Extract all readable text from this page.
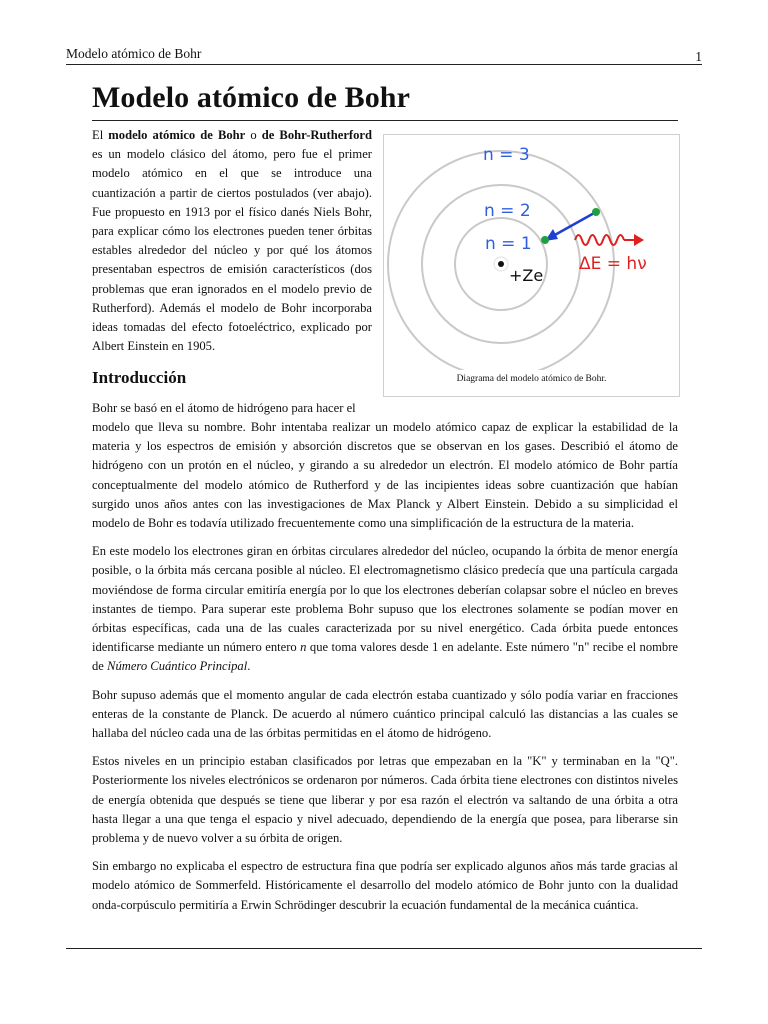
Modelo atómico de Bohr	1
Modelo atómico de Bohr

El modelo atómico de Bohr o de Bohr-Rutherford es un modelo clásico del átomo, pero fue el primer modelo atómico en el que se introduce una cuantización a partir de ciertos postulados (ver abajo). Fue propuesto en 1913 por el físico danés Niels Bohr, para explicar cómo los electrones pueden tener órbitas estables alrededor del núcleo y por qué los átomos presentaban espectros de emisión característicos (dos problemas que eran ignorados en el modelo previo de Rutherford). Además el modelo de Bohr incorporaba ideas tomadas del efecto fotoeléctrico, explicado por Albert Einstein en 1905.

n = 3
n = 2
n = 1
+Ze
ΔE = hν
Diagrama del modelo atómico de Bohr.
Introducción

Bohr se basó en el átomo de hidrógeno para hacer el

modelo que lleva su nombre. Bohr intentaba realizar un modelo atómico capaz de explicar la estabilidad de la materia y los espectros de emisión y absorción discretos que se observan en los gases. Describió el átomo de hidrógeno con un protón en el núcleo, y girando a su alrededor un electrón. El modelo atómico de Bohr partía conceptualmente del modelo atómico de Rutherford y de las incipientes ideas sobre cuantización que habían surgido unos años antes con las investigaciones de Max Planck y Albert Einstein. Debido a su simplicidad el modelo de Bohr es todavía utilizado frecuentemente como una simplificación de la estructura de la materia.

En este modelo los electrones giran en órbitas circulares alrededor del núcleo, ocupando la órbita de menor energía posible, o la órbita más cercana posible al núcleo. El electromagnetismo clásico predecía que una partícula cargada moviéndose de forma circular emitiría energía por lo que los electrones deberían colapsar sobre el núcleo en breves instantes de tiempo. Para superar este problema Bohr supuso que los electrones solamente se podían mover en órbitas específicas, cada una de las cuales caracterizada por su nivel energético. Cada órbita puede entonces identificarse mediante un número entero n que toma valores desde 1 en adelante. Este número "n" recibe el nombre de Número Cuántico Principal.

Bohr supuso además que el momento angular de cada electrón estaba cuantizado y sólo podía variar en fracciones enteras de la constante de Planck. De acuerdo al número cuántico principal calculó las distancias a las cuales se hallaba del núcleo cada una de las órbitas permitidas en el átomo de hidrógeno.

Estos niveles en un principio estaban clasificados por letras que empezaban en la "K" y terminaban en la "Q". Posteriormente los niveles electrónicos se ordenaron por números. Cada órbita tiene electrones con distintos niveles de energía obtenida que después se tiene que liberar y por esa razón el electrón va saltando de una órbita a otra hasta llegar a una que tenga el espacio y nivel adecuado, dependiendo de la energía que posea, para liberarse sin problema y de nuevo volver a su órbita de origen.

Sin embargo no explicaba el espectro de estructura fina que podría ser explicado algunos años más tarde gracias al modelo atómico de Sommerfeld. Históricamente el desarrollo del modelo atómico de Bohr junto con la dualidad onda-corpúsculo permitiría a Erwin Schrödinger descubrir la ecuación fundamental de la mecánica cuántica.
